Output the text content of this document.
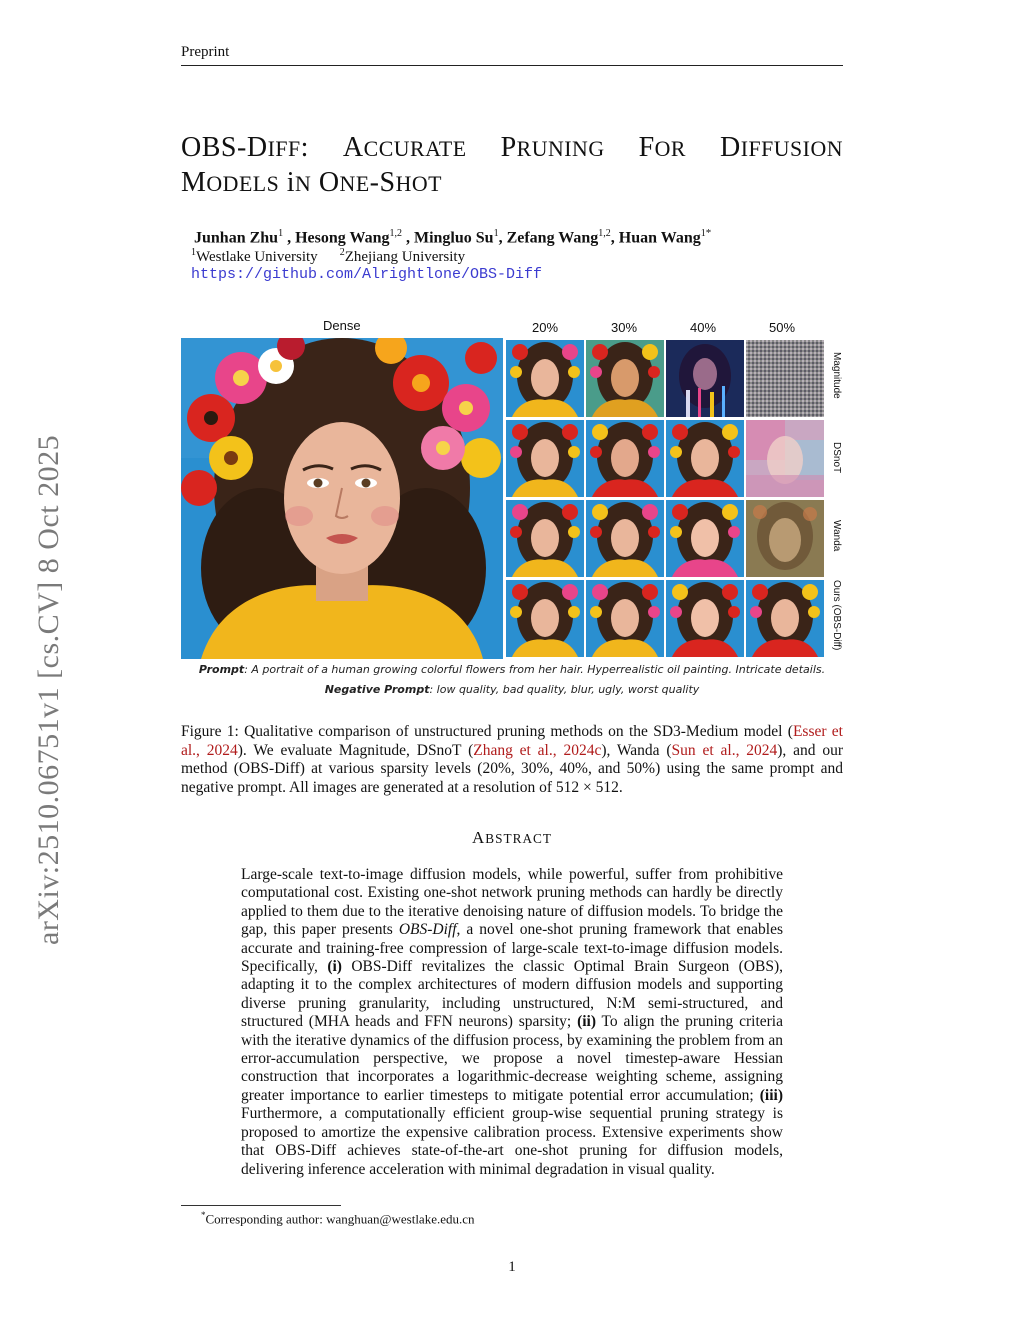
Preprint
arXiv:2510.06751v1 [cs.CV] 8 Oct 2025
OBS-DIFF: ACCURATE PRUNING FOR DIFFUSION
MODELS iN ONE-SHOT
Junhan Zhu$^1$ , Hesong Wang$^{1,2}$ , Mingluo Su$^1$, Zefang Wang$^{1,2}$, Huan Wang$^{1*}$
$^1$Westlake University $^2$Zhejiang University
https://github.com/Alrightlone/OBS-Diff
Dense	20%	30%	40%	50%
Magnitude
DSnoT
Wanda
Ours (OBS-Diff)
Prompt: A portrait of a human growing colorful flowers from her hair. Hyperrealistic oil painting. Intricate details.
Negative Prompt: low quality, bad quality, blur, ugly, worst quality
Figure 1: Qualitative comparison of unstructured pruning methods on the SD3-Medium model (Esser et al., 2024). We evaluate Magnitude, DSnoT (Zhang et al., 2024c), Wanda (Sun et al., 2024), and our method (OBS-Diff) at various sparsity levels (20%, 30%, 40%, and 50%) using the same prompt and negative prompt. All images are generated at a resolution of 512 × 512.
ABSTRACT
Large-scale text-to-image diffusion models, while powerful, suffer from prohibitive computational cost. Existing one-shot network pruning methods can hardly be directly applied to them due to the iterative denoising nature of diffusion models. To bridge the gap, this paper presents OBS-Diff, a novel one-shot pruning framework that enables accurate and training-free compression of large-scale text-to-image diffusion models. Specifically, (i) OBS-Diff revitalizes the classic Optimal Brain Surgeon (OBS), adapting it to the complex architectures of modern diffusion models and supporting diverse pruning granularity, including unstructured, N:M semi-structured, and structured (MHA heads and FFN neurons) sparsity; (ii) To align the pruning criteria with the iterative dynamics of the diffusion process, by examining the problem from an error-accumulation perspective, we propose a novel timestep-aware Hessian construction that incorporates a logarithmic-decrease weighting scheme, assigning greater importance to earlier timesteps to mitigate potential error accumulation; (iii) Furthermore, a computationally efficient group-wise sequential pruning strategy is proposed to amortize the expensive calibration process. Extensive experiments show that OBS-Diff achieves state-of-the-art one-shot pruning for diffusion models, delivering inference acceleration with minimal degradation in visual quality.
*Corresponding author: wanghuan@westlake.edu.cn
1
